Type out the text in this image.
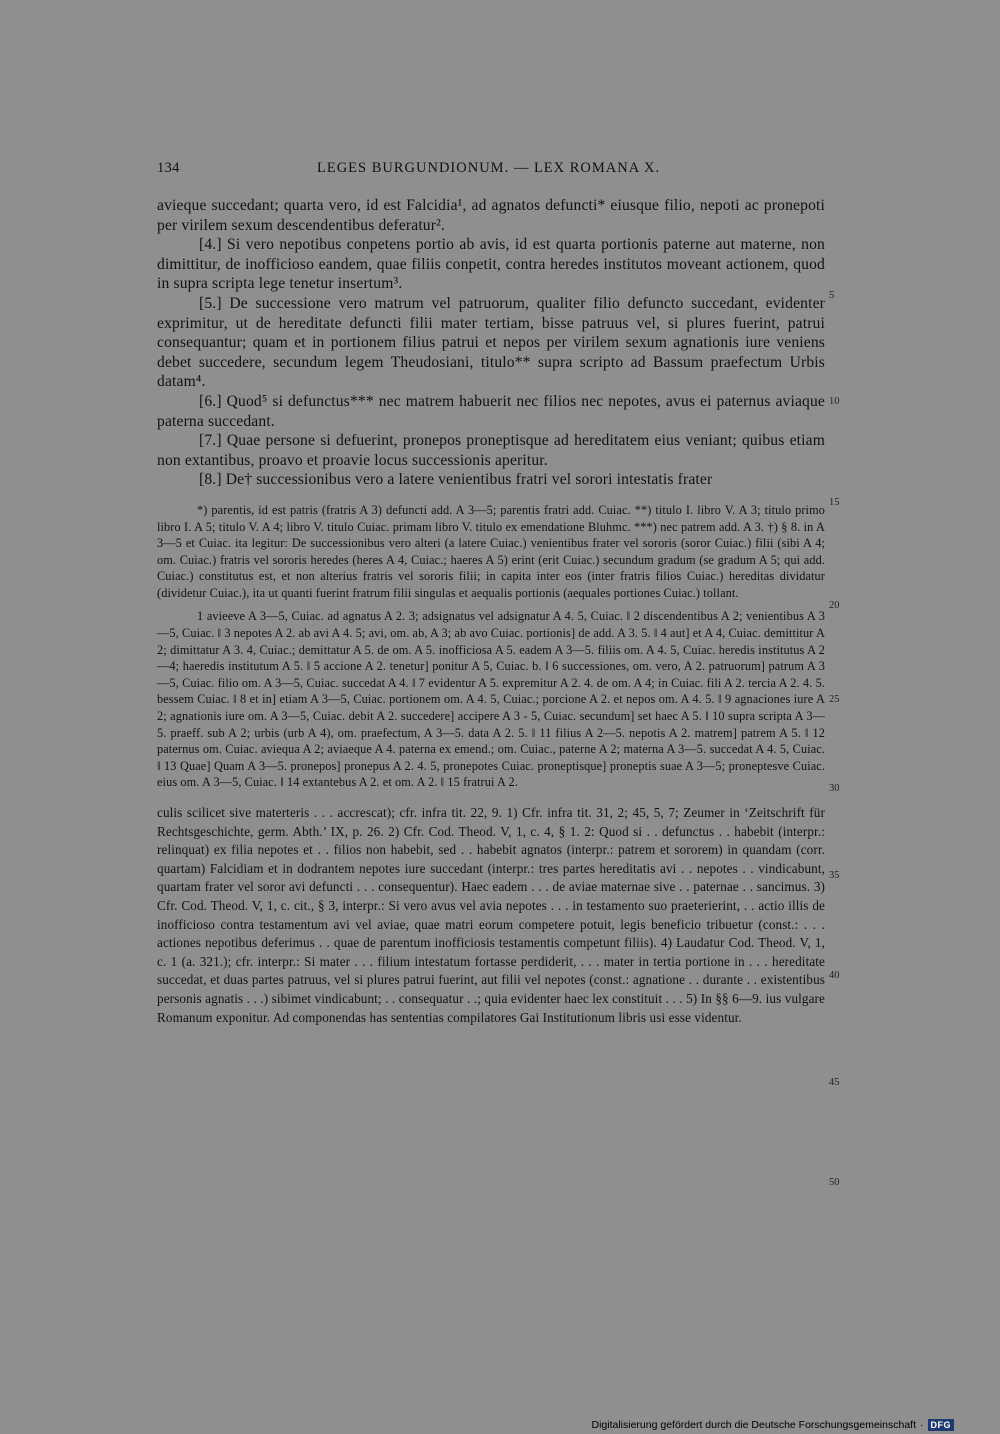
134	LEGES BURGUNDIONUM. — LEX ROMANA X.

avieque succedant; quarta vero, id est Falcidia¹, ad agnatos defuncti* eiusque filio, nepoti ac pronepoti per virilem sexum descendentibus deferatur².

[4.] Si vero nepotibus conpetens portio ab avis, id est quarta portionis paterne aut materne, non dimittitur, de inofficioso eandem, quae filiis conpetit, contra heredes institutos moveant actionem, quod in supra scripta lege tenetur insertum³.

[5.] De successione vero matrum vel patruorum, qualiter filio defuncto succedant, evidenter exprimitur, ut de hereditate defuncti filii mater tertiam, bisse patruus vel, si plures fuerint, patrui consequantur; quam et in portionem filius patrui et nepos per virilem sexum agnationis iure veniens debet succedere, secundum legem Theudosiani, titulo** supra scripto ad Bassum praefectum Urbis datam⁴.

[6.] Quod⁵ si defunctus*** nec matrem habuerit nec filios nec nepotes, avus ei paternus aviaque paterna succedant.

[7.] Quae persone si defuerint, pronepos proneptisque ad hereditatem eius veniant; quibus etiam non extantibus, proavo et proavie locus successionis aperitur.

[8.] De† successionibus vero a latere venientibus fratri vel sorori intestatis frater

*) parentis, id est patris (fratris A 3) defuncti add. A 3—5; parentis fratri add. Cuiac. **) titulo I. libro V. A 3; titulo primo libro I. A 5; titulo V. A 4; libro V. titulo Cuiac. primam libro V. titulo ex emendatione Bluhmc. ***) nec patrem add. A 3. †) § 8. in A 3—5 et Cuiac. ita legitur: De successionibus vero alteri (a latere Cuiac.) venientibus frater vel sororis (soror Cuiac.) filii (sibi A 4; om. Cuiac.) fratris vel sororis heredes (heres A 4, Cuiac.; haeres A 5) erint (erit Cuiac.) secundum gradum (se gradum A 5; qui add. Cuiac.) constitutus est, et non alterius fratris vel sororis filii; in capita inter eos (inter fratris filios Cuiac.) hereditas dividatur (dividetur Cuiac.), ita ut quanti fuerint fratrum filii singulas et aequalis portionis (aequales portiones Cuiac.) tollant.

1 avieeve A 3—5, Cuiac. ad agnatus A 2. 3; adsignatus vel adsignatur A 4. 5, Cuiac. ‖ 2 discendentibus A 2; venientibus A 3—5, Cuiac. ‖ 3 nepotes A 2. ab avi A 4. 5; avi, om. ab, A 3; ab avo Cuiac. portionis] de add. A 3. 5. ‖ 4 aut] et A 4, Cuiac. demittitur A 2; dimittatur A 3. 4, Cuiac.; demittatur A 5. de om. A 5. inofficiosa A 5. eadem A 3—5. filiis om. A 4. 5, Cuiac. heredis institutus A 2—4; haeredis institutum A 5. ‖ 5 accione A 2. tenetur] ponitur A 5, Cuiac. b. ‖ 6 successiones, om. vero, A 2. patruorum] patrum A 3—5, Cuiac. filio om. A 3—5, Cuiac. succedat A 4. ‖ 7 evidentur A 5. expremitur A 2. 4. de om. A 4; in Cuiac. fili A 2. tercia A 2. 4. 5. bessem Cuiac. ‖ 8 et in] etiam A 3—5, Cuiac. portionem om. A 4. 5, Cuiac.; porcione A 2. et nepos om. A 4. 5. ‖ 9 agnaciones iure A 2; agnationis iure om. A 3—5, Cuiac. debit A 2. succedere] accipere A 3 - 5, Cuiac. secundum] set haec A 5. ‖ 10 supra scripta A 3—5. praeff. sub A 2; urbis (urb A 4), om. praefectum, A 3—5. data A 2. 5. ‖ 11 filius A 2—5. nepotis A 2. matrem] patrem A 5. ‖ 12 paternus om. Cuiac. aviequa A 2; aviaeque A 4. paterna ex emend.; om. Cuiac., paterne A 2; materna A 3—5. succedat A 4. 5, Cuiac. ‖ 13 Quae] Quam A 3—5. pronepos] pronepus A 2. 4. 5, pronepotes Cuiac. proneptisque] proneptis suae A 3—5; proneptesve Cuiac. eius om. A 3—5, Cuiac. ‖ 14 extantebus A 2. et om. A 2. ‖ 15 fratrui A 2.

culis scilicet sive materteris . . . accrescat); cfr. infra tit. 22, 9. 1) Cfr. infra tit. 31, 2; 45, 5, 7; Zeumer in ‘Zeitschrift für Rechtsgeschichte, germ. Abth.’ IX, p. 26. 2) Cfr. Cod. Theod. V, 1, c. 4, § 1. 2: Quod si . . defunctus . . habebit (interpr.: relinquat) ex filia nepotes et . . filios non habebit, sed . . habebit agnatos (interpr.: patrem et sororem) in quandam (corr. quartam) Falcidiam et in dodrantem nepotes iure succedant (interpr.: tres partes hereditatis avi . . nepotes . . vindicabunt, quartam frater vel soror avi defuncti . . . consequentur). Haec eadem . . . de aviae maternae sive . . paternae . . sancimus. 3) Cfr. Cod. Theod. V, 1, c. cit., § 3, interpr.: Si vero avus vel avia nepotes . . . in testamento suo praeterierint, . . actio illis de inofficioso contra testamentum avi vel aviae, quae matri eorum competere potuit, legis beneficio tribuetur (const.: . . . actiones nepotibus deferimus . . quae de parentum inofficiosis testamentis competunt filiis). 4) Laudatur Cod. Theod. V, 1, c. 1 (a. 321.); cfr. interpr.: Si mater . . . filium intestatum fortasse perdiderit, . . . mater in tertia portione in . . . hereditate succedat, et duas partes patruus, vel si plures patrui fuerint, aut filii vel nepotes (const.: agnatione . . durante . . existentibus personis agnatis . . .) sibimet vindicabunt; . . consequatur . .; quia evidenter haec lex constituit . . . 5) In §§ 6—9. ius vulgare Romanum exponitur. Ad componendas has sententias compilatores Gai Institutionum libris usi esse videntur.

5
10
15
20
25
30
35
40
45
50
Digitalisierung gefördert durch die Deutsche Forschungsgemeinschaft · DFG
